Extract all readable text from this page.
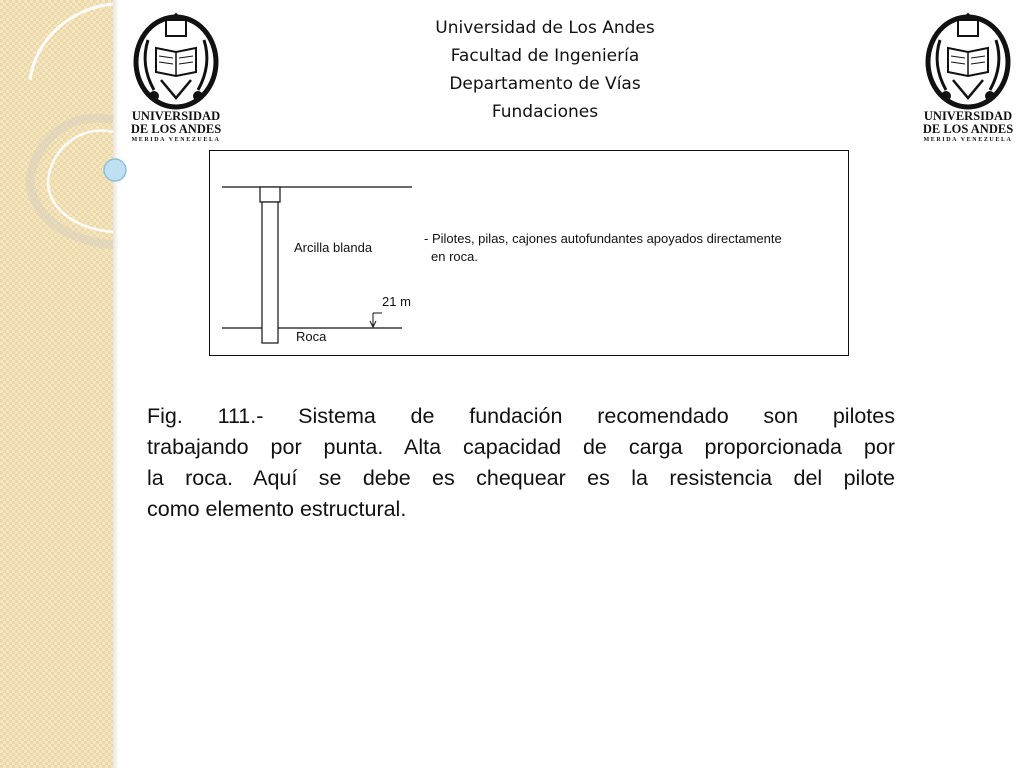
Universidad de Los Andes
Facultad de Ingeniería
Departamento de Vías
Fundaciones
UNIVERSIDAD
DE LOS ANDES
MERIDA VENEZUELA
UNIVERSIDAD
DE LOS ANDES
MERIDA VENEZUELA
Arcilla blanda
21 m
Roca
- Pilotes, pilas, cajones autofundantes apoyados directamente
en roca.
Fig. 111.- Sistema de fundación recomendado son pilotes
trabajando por punta. Alta capacidad de carga proporcionada por
la roca. Aquí se debe es chequear es la resistencia del pilote
como elemento estructural.
